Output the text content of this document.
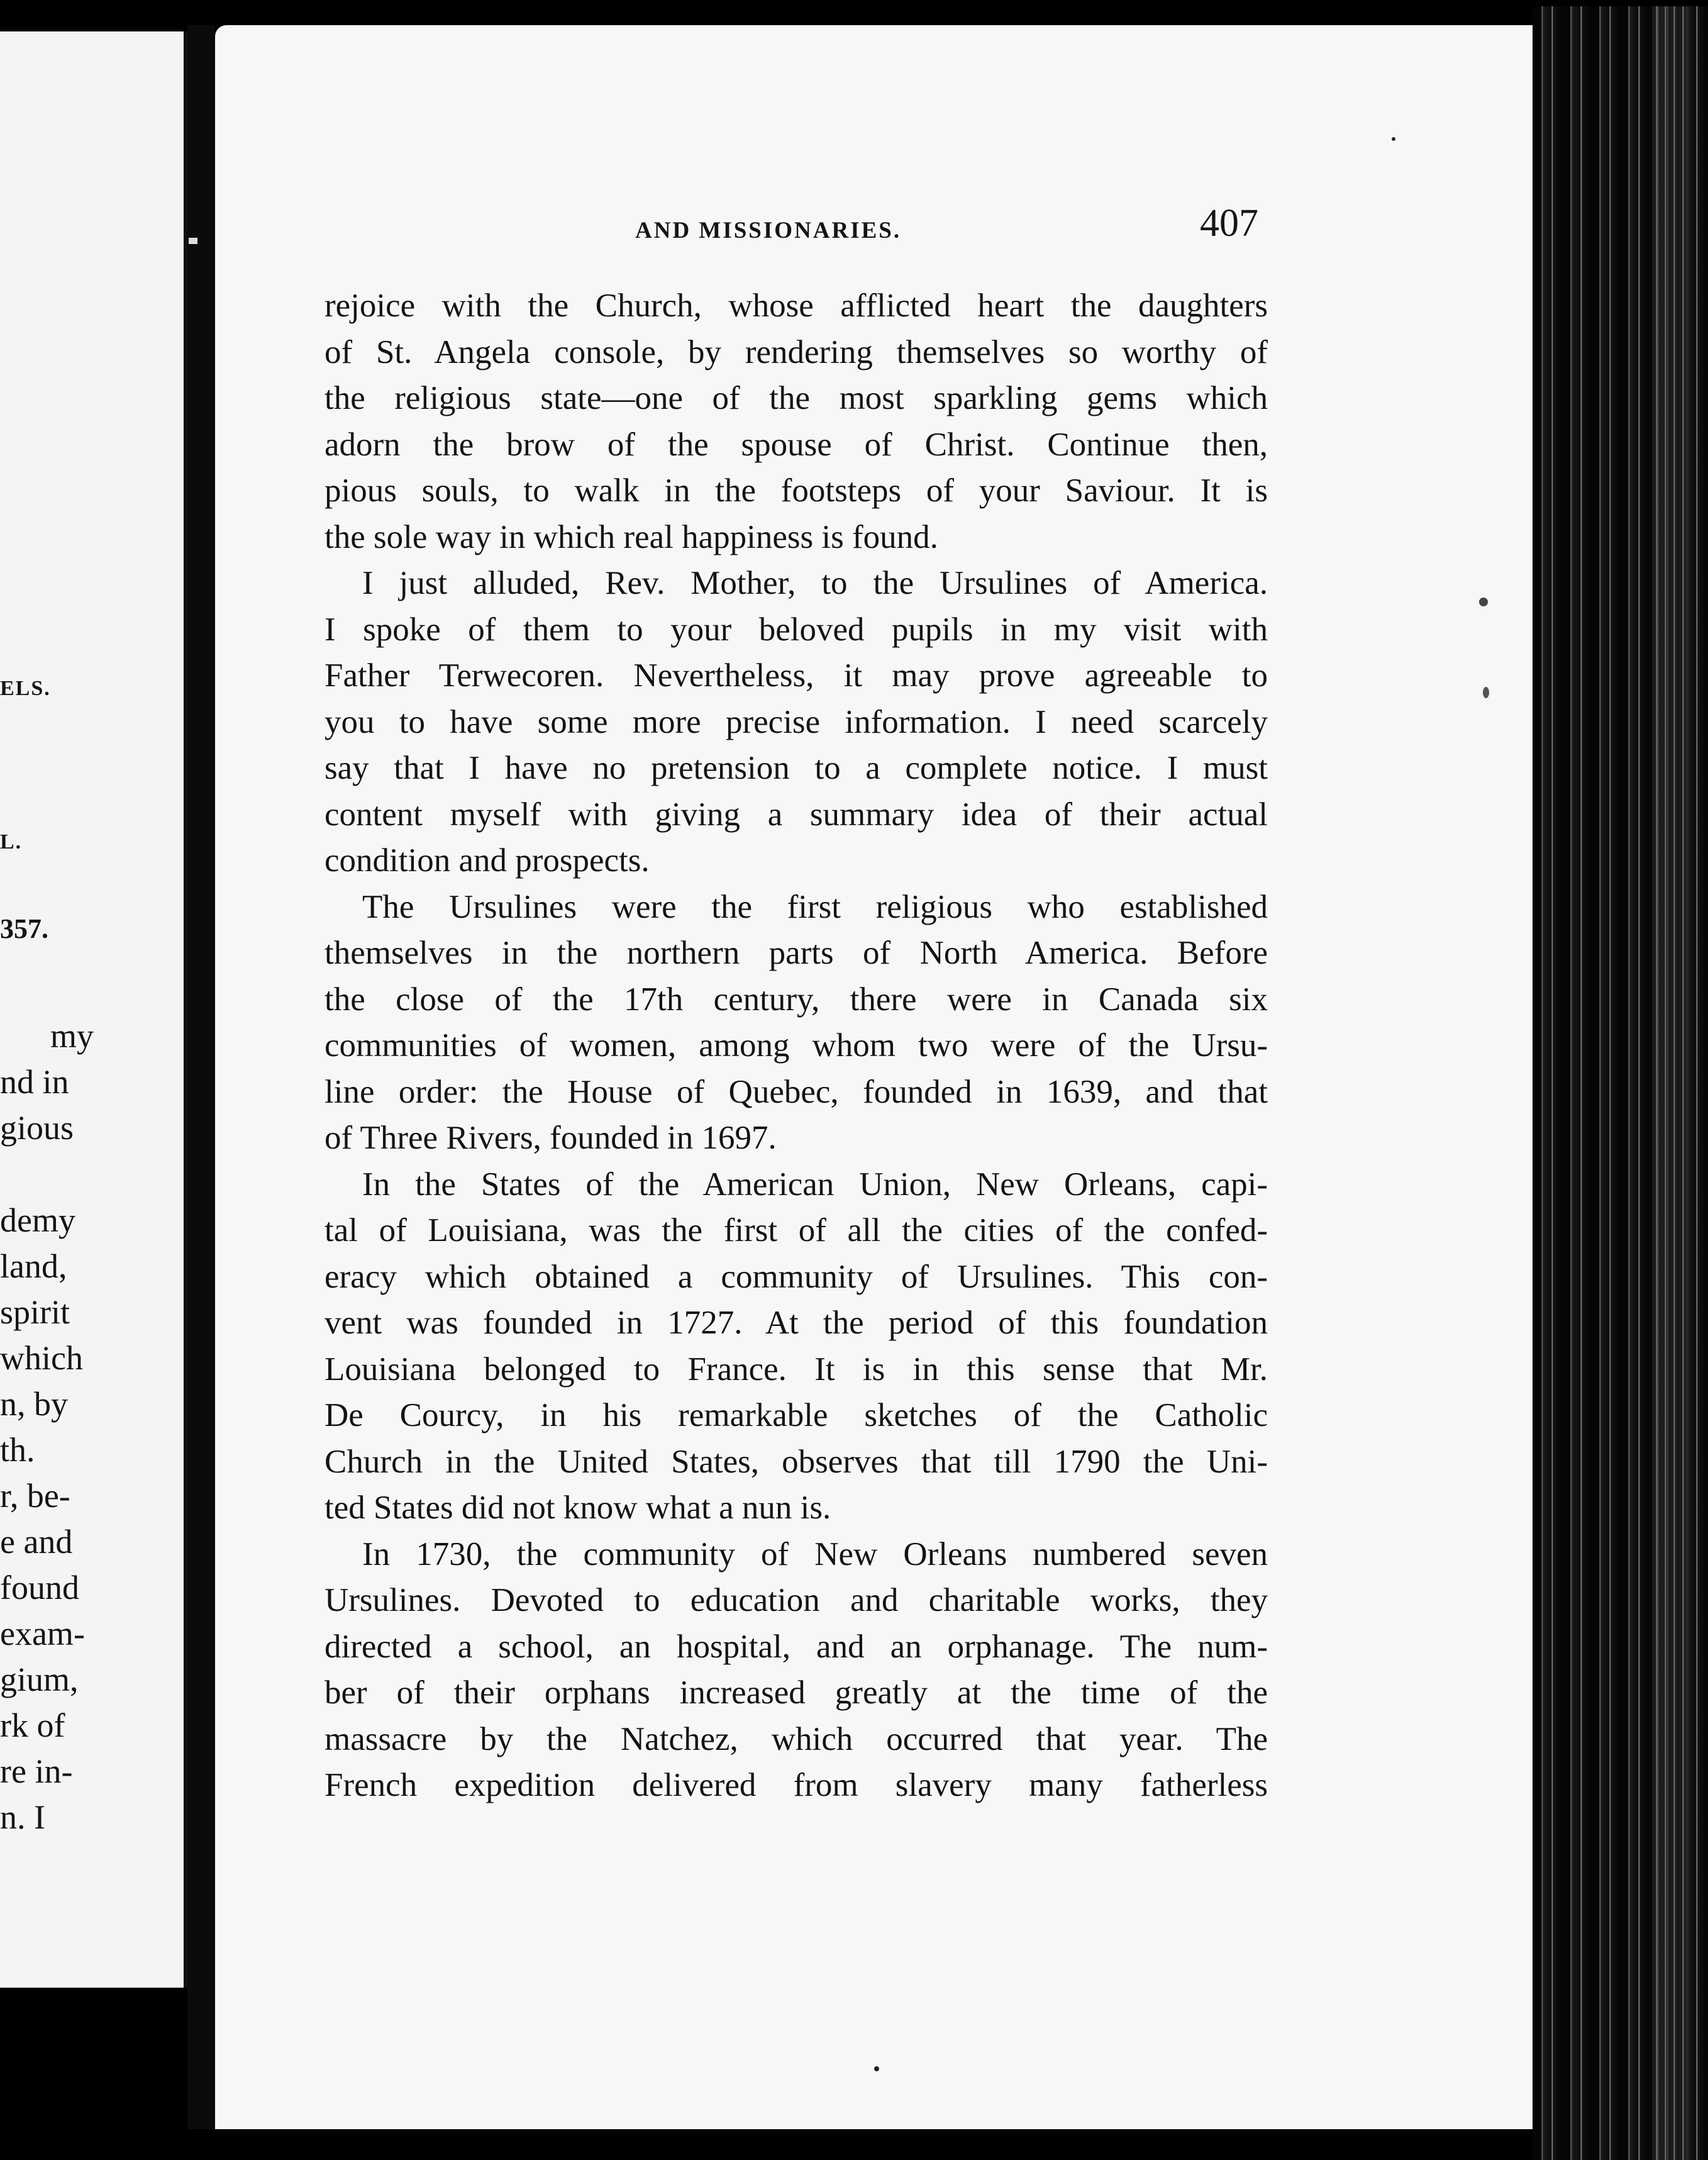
ELS.
L.
357.
my
nd in
gious
demy
land,
spirit
which
n, by
th.
r, be-
e and
found
exam-
gium,
rk of
re in-
n. I
AND MISSIONARIES.	407

rejoice with the Church, whose afflicted heart the daughters

of St. Angela console, by rendering themselves so worthy of

the religious state—one of the most sparkling gems which

adorn the brow of the spouse of Christ. Continue then,

pious souls, to walk in the footsteps of your Saviour. It is

the sole way in which real happiness is found.

I just alluded, Rev. Mother, to the Ursulines of America.

I spoke of them to your beloved pupils in my visit with

Father Terwecoren. Nevertheless, it may prove agreeable to

you to have some more precise information. I need scarcely

say that I have no pretension to a complete notice. I must

content myself with giving a summary idea of their actual

condition and prospects.

The Ursulines were the first religious who established

themselves in the northern parts of North America. Before

the close of the 17th century, there were in Canada six

communities of women, among whom two were of the Ursu-

line order: the House of Quebec, founded in 1639, and that

of Three Rivers, founded in 1697.

In the States of the American Union, New Orleans, capi-

tal of Louisiana, was the first of all the cities of the confed-

eracy which obtained a community of Ursulines. This con-

vent was founded in 1727. At the period of this foundation

Louisiana belonged to France. It is in this sense that Mr.

De Courcy, in his remarkable sketches of the Catholic

Church in the United States, observes that till 1790 the Uni-

ted States did not know what a nun is.

In 1730, the community of New Orleans numbered seven

Ursulines. Devoted to education and charitable works, they

directed a school, an hospital, and an orphanage. The num-

ber of their orphans increased greatly at the time of the

massacre by the Natchez, which occurred that year. The

French expedition delivered from slavery many fatherless
